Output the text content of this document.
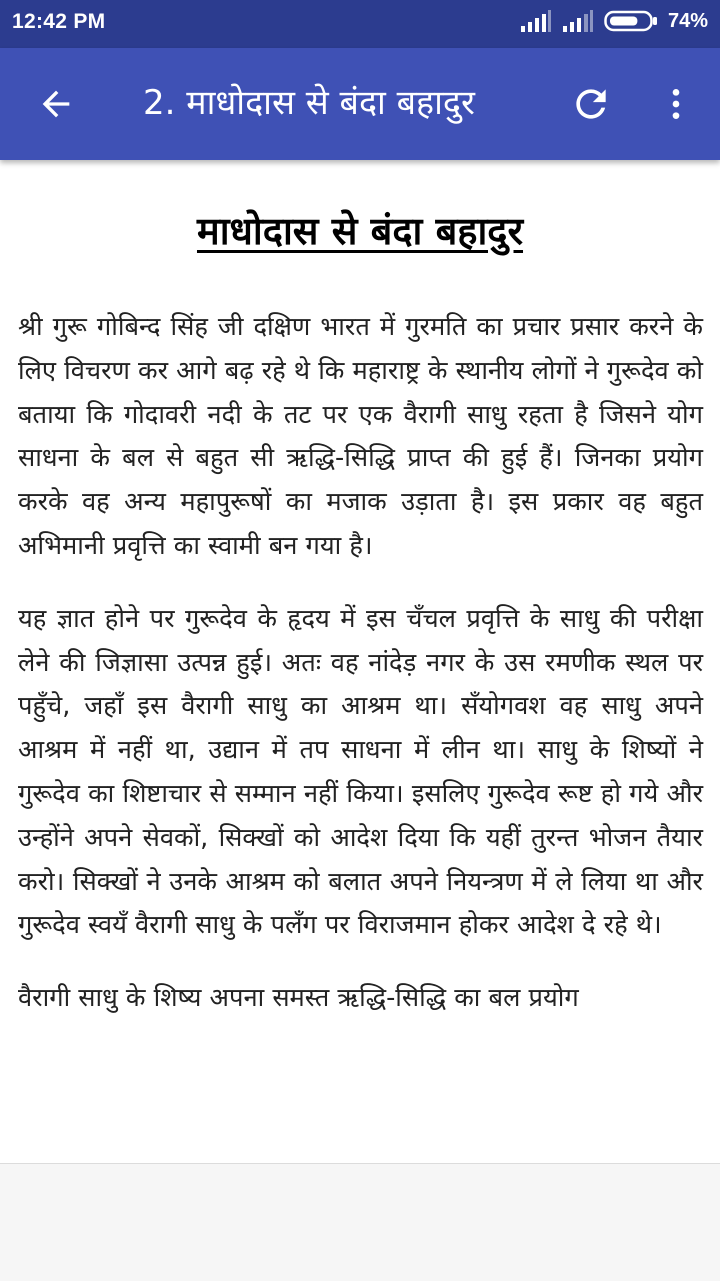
12:42 PM	74%
2. माधोदास से बंदा बहादुर
माधोदास से बंदा बहादुर

श्री गुरू गोबिन्द सिंह जी दक्षिण भारत में गुरमति का प्रचार प्रसार करने के लिए विचरण कर आगे बढ़ रहे थे कि महाराष्ट्र के स्थानीय लोगों ने गुरूदेव को बताया कि गोदावरी नदी के तट पर एक वैरागी साधु रहता है जिसने योग साधना के बल से बहुत सी ऋद्धि-सिद्धि प्राप्त की हुई हैं। जिनका प्रयोग करके वह अन्य महापुरूषों का मजाक उड़ाता है। इस प्रकार वह बहुत अभिमानी प्रवृत्ति का स्वामी बन गया है।

यह ज्ञात होने पर गुरूदेव के हृदय में इस चँचल प्रवृत्ति के साधु की परीक्षा लेने की जिज्ञासा उत्पन्न हुई। अतः वह नांदेड़ नगर के उस रमणीक स्थल पर पहुँचे, जहाँ इस वैरागी साधु का आश्रम था। सँयोगवश वह साधु अपने आश्रम में नहीं था, उद्यान में तप साधना में लीन था। साधु के शिष्यों ने गुरूदेव का शिष्टाचार से सम्मान नहीं किया। इसलिए गुरूदेव रूष्ट हो गये और उन्होंने अपने सेवकों, सिक्खों को आदेश दिया कि यहीं तुरन्त भोजन तैयार करो। सिक्खों ने उनके आश्रम को बलात अपने नियन्त्रण में ले लिया था और गुरूदेव स्वयँ वैरागी साधु के पलँग पर विराजमान होकर आदेश दे रहे थे।

वैरागी साधु के शिष्य अपना समस्त ऋद्धि-सिद्धि का बल प्रयोग
